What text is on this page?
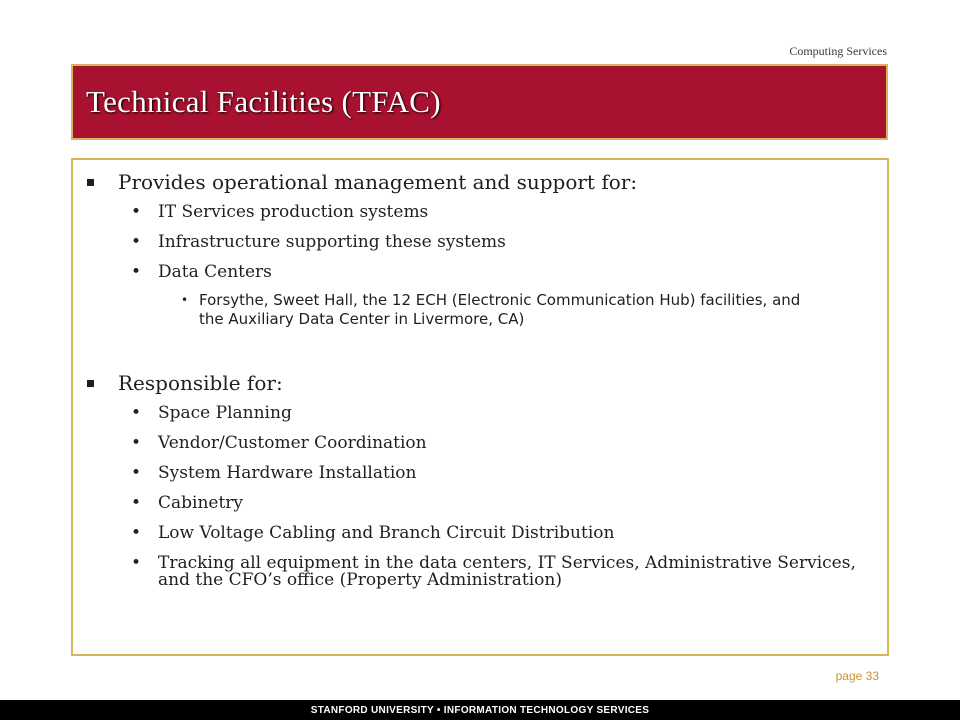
Computing Services
Technical Facilities (TFAC)
Provides operational management and support for:
• IT Services production systems
• Infrastructure supporting these systems
• Data Centers
• Forsythe, Sweet Hall, the 12 ECH (Electronic Communication Hub) facilities, and the Auxiliary Data Center in Livermore, CA)
Responsible for:
• Space Planning
• Vendor/Customer Coordination
• System Hardware Installation
• Cabinetry
• Low Voltage Cabling and Branch Circuit Distribution
• Tracking all equipment in the data centers, IT Services, Administrative Services, and the CFO’s office (Property Administration)
page 33
STANFORD UNIVERSITY • INFORMATION TECHNOLOGY SERVICES
